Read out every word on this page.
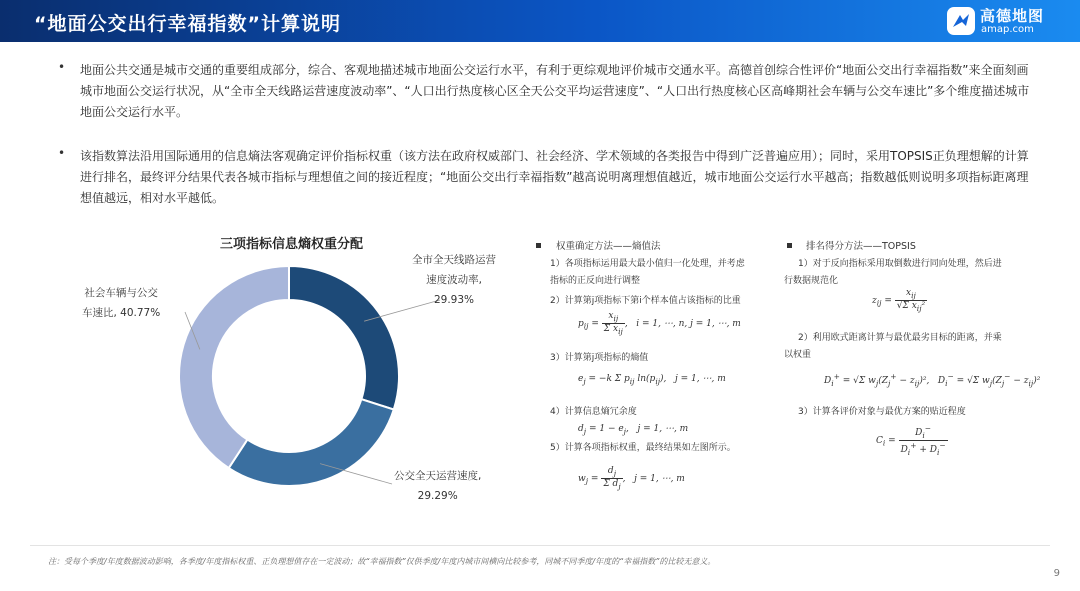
“地面公交出行幸福指数”计算说明	高德地图
amap.com
• 地面公共交通是城市交通的重要组成部分，综合、客观地描述城市地面公交运行水平，有利于更综观地评价城市交通水平。高德首创综合性评价“地面公交出行幸福指数”来全面刻画城市地面公交运行状况，从“全市全天线路运营速度波动率”、“人口出行热度核心区全天公交平均运营速度”、“人口出行热度核心区高峰期社会车辆与公交车速比”多个维度描述城市地面公交运行水平。
• 该指数算法沿用国际通用的信息熵法客观确定评价指标权重（该方法在政府权威部门、社会经济、学术领域的各类报告中得到广泛普遍应用）；同时，采用TOPSIS正负理想解的计算进行排名，最终评分结果代表各城市指标与理想值之间的接近程度；“地面公交出行幸福指数”越高说明离理想值越近，城市地面公交运行水平越高；指数越低则说明多项指标距离理想值越远，相对水平越低。
三项指标信息熵权重分配
全市全天线路运营
速度波动率,
29.93%
公交全天运营速度,
29.29%
社会车辆与公交
车速比, 40.77%
权重确定方法——熵值法
1）各项指标运用最大最小值归一化处理，并考虑
指标的正反向进行调整
2）计算第j项指标下第i个样本值占该指标的比重
$p_{ij} = \frac{x_{ij}}{\Sigma x_{ij}}$ ,   i = 1, ⋯, n, j = 1, ⋯, m
3）计算第j项指标的熵值
$e_j = -k$ Σ $p_{ij}$ $\ln(p_{ij})$,   j = 1, ⋯, m
4）计算信息熵冗余度
$d_j = 1 - e_j$,   j = 1, ⋯, m
5）计算各项指标权重，最终结果如左图所示。
$w_j = \frac{d_j}{\Sigma d_j}$ ,   j = 1, ⋯, m
排名得分方法——TOPSIS
1）对于反向指标采用取倒数进行同向处理，然后进
行数据规范化
$z_{ij} = \frac{x_{ij}}{√\Sigma x_{ij}^2}$
2）利用欧式距离计算与最优最劣目标的距离，并乘
以权重
$D_i^+ = √\Sigma$ $w_j(Z_j^+ - z_{ij})^2$,   $D_i^- = √\Sigma$ $w_j(Z_j^- - z_{ij})^2$
3）计算各评价对象与最优方案的贴近程度
$C_i = \frac{D_i^-}{D_i^+ + D_i^-}$
注：受每个季度/年度数据波动影响，各季度/年度指标权重、正负理想值存在一定波动；故“幸福指数”仅供季度/年度内城市间横向比较参考，同城不同季度/年度的“幸福指数”的比较无意义。
9
